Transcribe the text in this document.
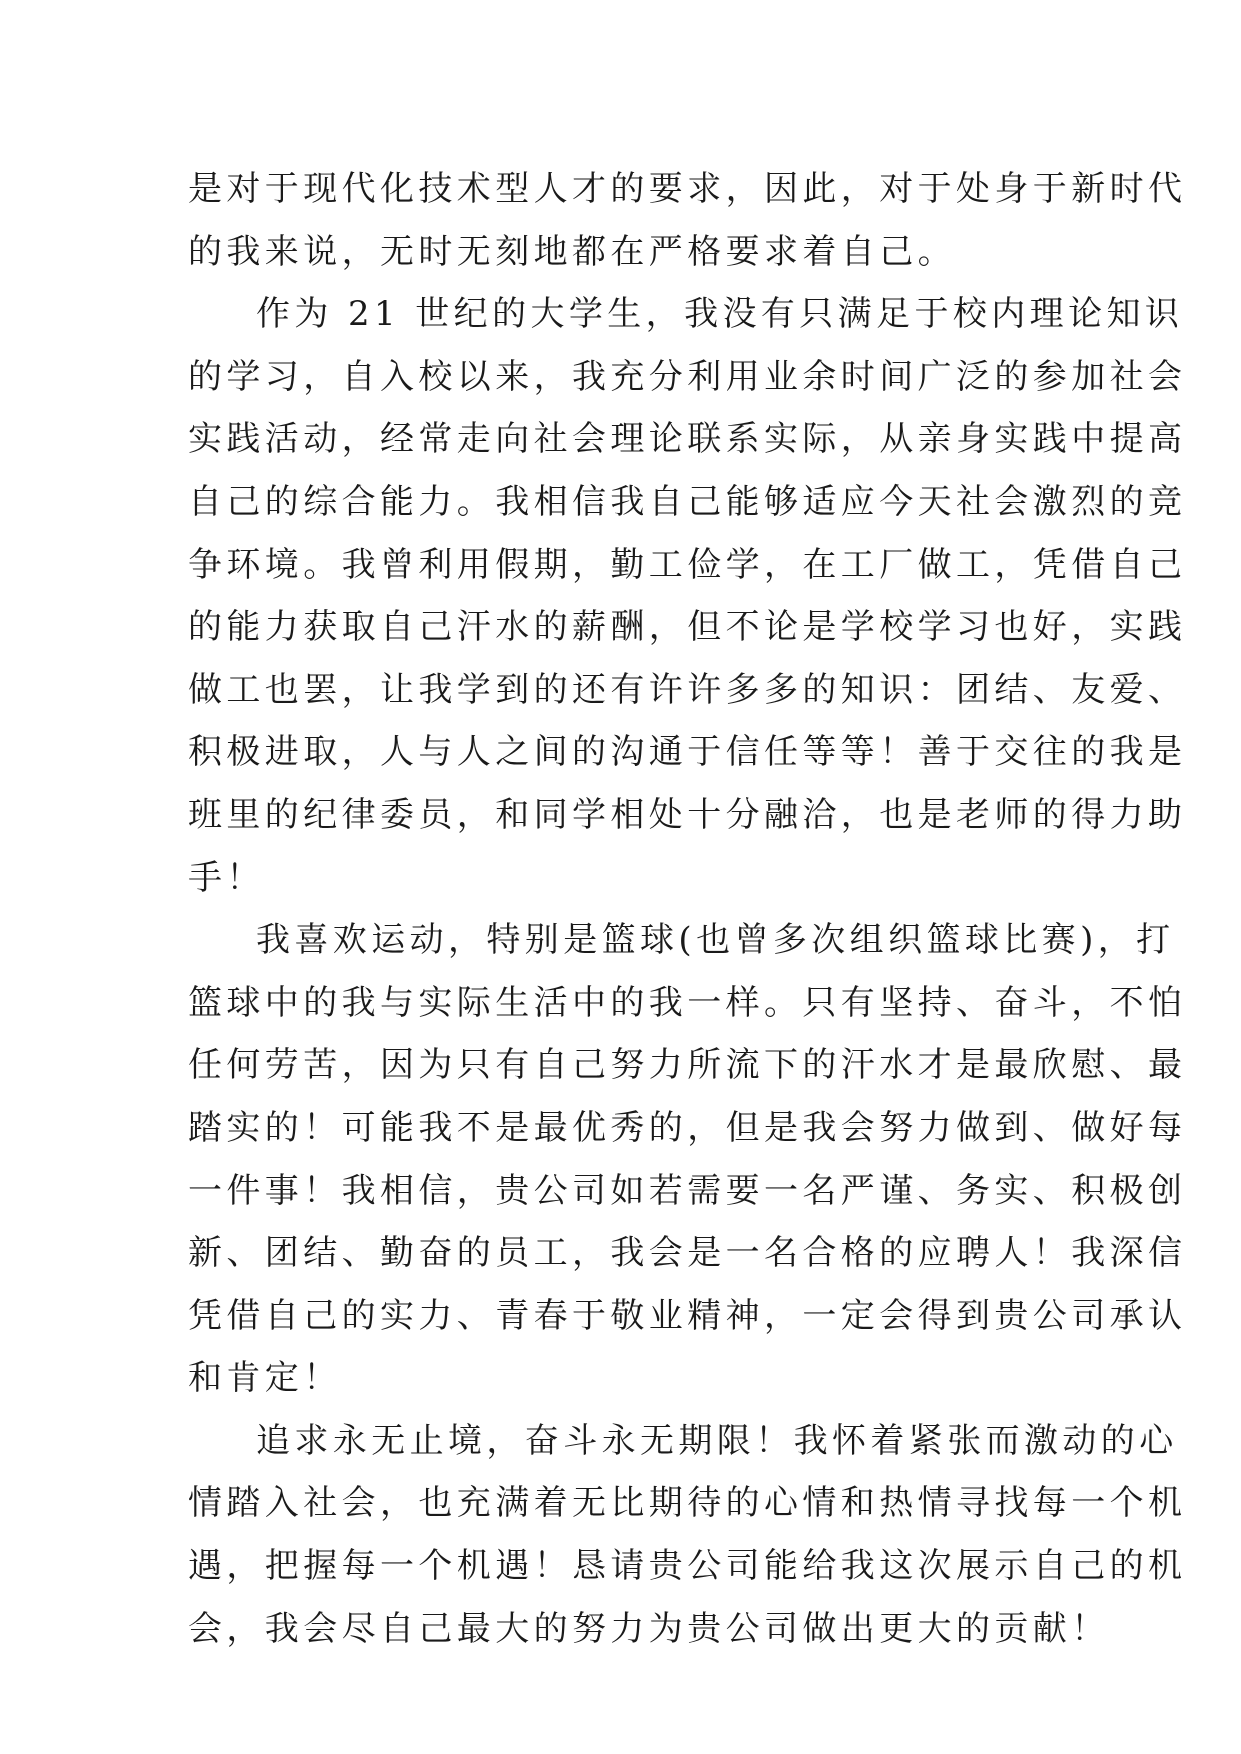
是对于现代化技术型人才的要求，因此，对于处身于新时代
的我来说，无时无刻地都在严格要求着自己。
作为 21 世纪的大学生，我没有只满足于校内理论知识
的学习，自入校以来，我充分利用业余时间广泛的参加社会
实践活动，经常走向社会理论联系实际，从亲身实践中提高
自己的综合能力。我相信我自己能够适应今天社会激烈的竞
争环境。我曾利用假期，勤工俭学，在工厂做工，凭借自己
的能力获取自己汗水的薪酬，但不论是学校学习也好，实践
做工也罢，让我学到的还有许许多多的知识：团结、友爱、
积极进取，人与人之间的沟通于信任等等！善于交往的我是
班里的纪律委员，和同学相处十分融洽，也是老师的得力助
手！
我喜欢运动，特别是篮球(也曾多次组织篮球比赛)，打
篮球中的我与实际生活中的我一样。只有坚持、奋斗，不怕
任何劳苦，因为只有自己努力所流下的汗水才是最欣慰、最
踏实的！可能我不是最优秀的，但是我会努力做到、做好每
一件事！我相信，贵公司如若需要一名严谨、务实、积极创
新、团结、勤奋的员工，我会是一名合格的应聘人！我深信
凭借自己的实力、青春于敬业精神，一定会得到贵公司承认
和肯定！
追求永无止境，奋斗永无期限！我怀着紧张而激动的心
情踏入社会，也充满着无比期待的心情和热情寻找每一个机
遇，把握每一个机遇！恳请贵公司能给我这次展示自己的机
会，我会尽自己最大的努力为贵公司做出更大的贡献！
